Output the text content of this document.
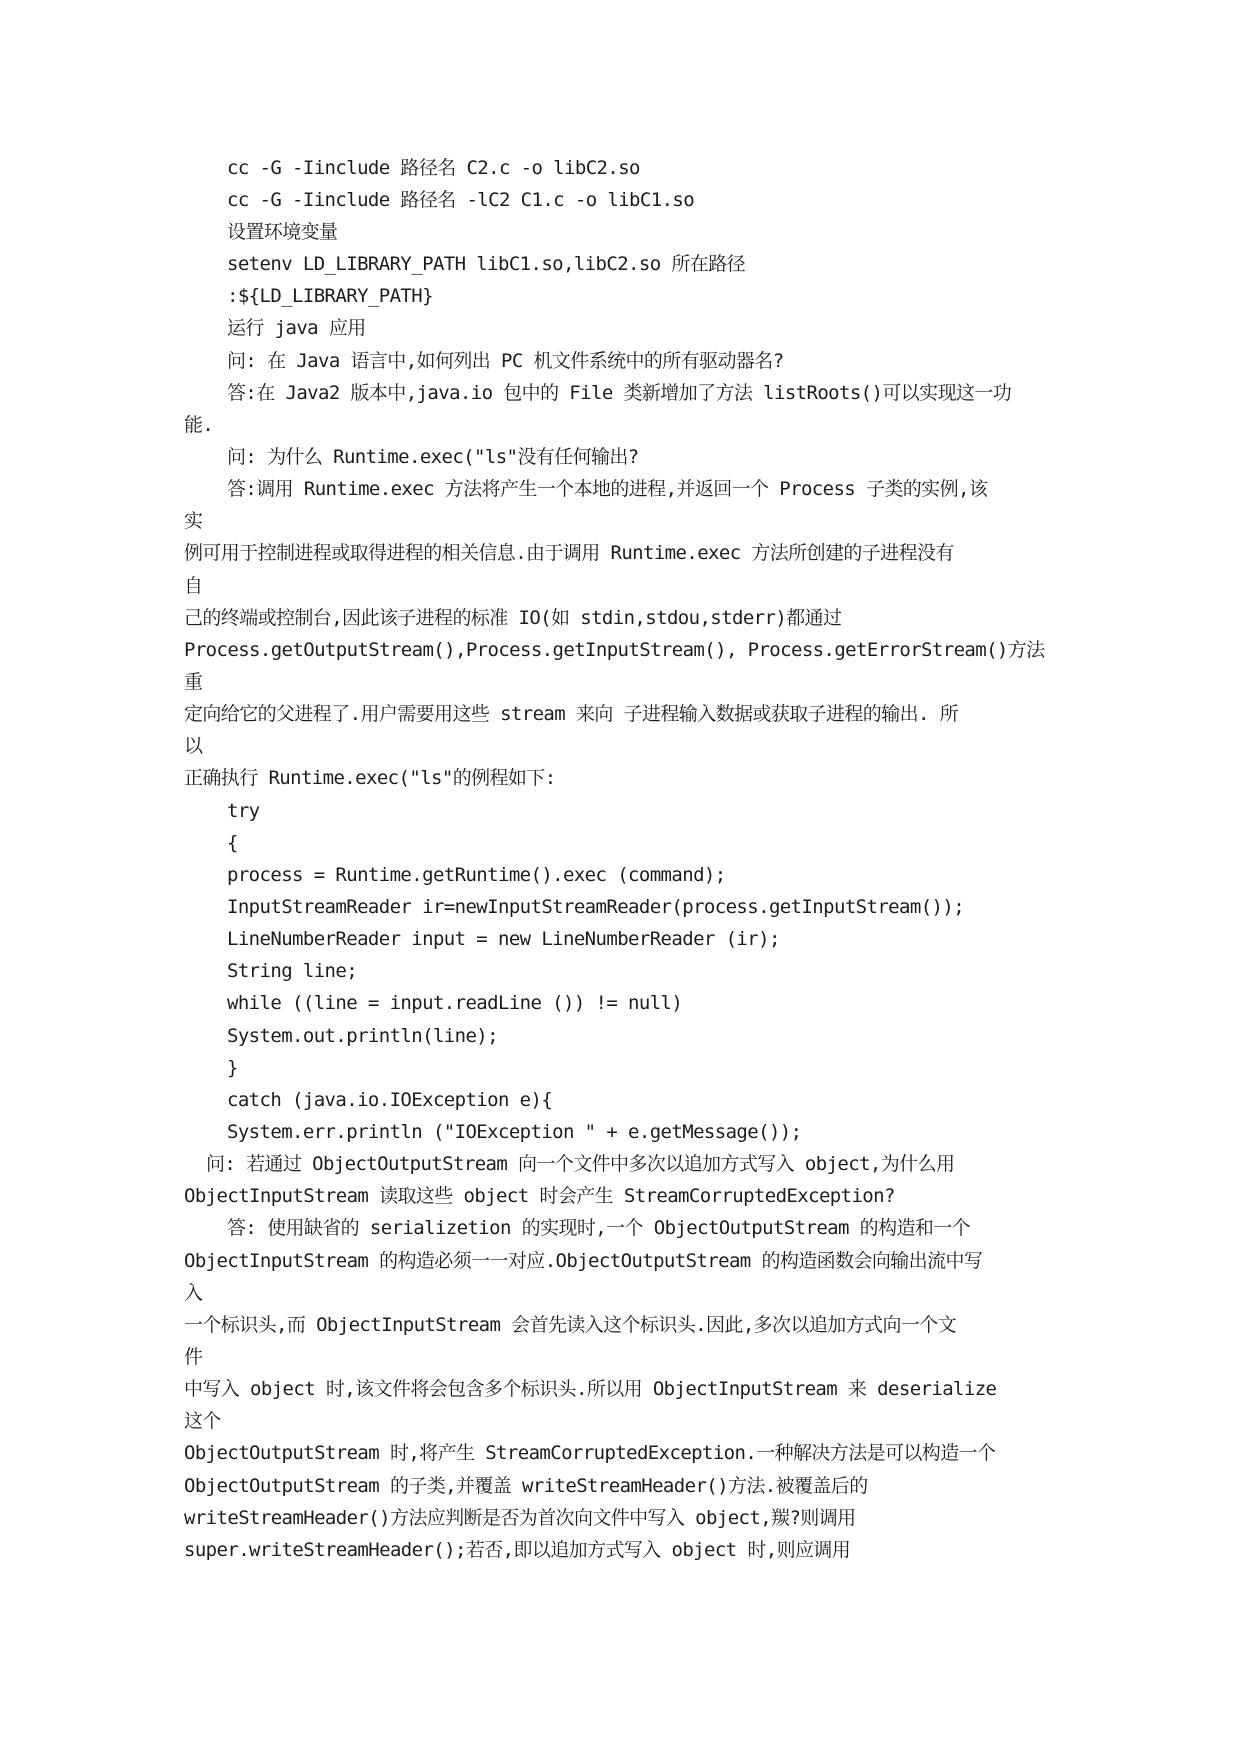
cc -G -Iinclude 路径名 C2.c -o libC2.so
cc -G -Iinclude 路径名 -lC2 C1.c -o libC1.so
设置环境变量
setenv LD_LIBRARY_PATH libC1.so,libC2.so 所在路径
:${LD_LIBRARY_PATH}
运行 java 应用
问: 在 Java 语言中,如何列出 PC 机文件系统中的所有驱动器名?
答:在 Java2 版本中,java.io 包中的 File 类新增加了方法 listRoots()可以实现这一功
能.
问: 为什么 Runtime.exec("ls"没有任何输出?
答:调用 Runtime.exec 方法将产生一个本地的进程,并返回一个 Process 子类的实例,该
实
例可用于控制进程或取得进程的相关信息.由于调用 Runtime.exec 方法所创建的子进程没有
自
己的终端或控制台,因此该子进程的标准 IO(如 stdin,stdou,stderr)都通过
Process.getOutputStream(),Process.getInputStream(), Process.getErrorStream()方法
重
定向给它的父进程了.用户需要用这些 stream 来向 子进程输入数据或获取子进程的输出. 所
以
正确执行 Runtime.exec("ls"的例程如下:
try
{
process = Runtime.getRuntime().exec (command);
InputStreamReader ir=newInputStreamReader(process.getInputStream());
LineNumberReader input = new LineNumberReader (ir);
String line;
while ((line = input.readLine ()) != null)
System.out.println(line);
}
catch (java.io.IOException e){
System.err.println ("IOException " + e.getMessage());
问: 若通过 ObjectOutputStream 向一个文件中多次以追加方式写入 object,为什么用
ObjectInputStream 读取这些 object 时会产生 StreamCorruptedException?
答: 使用缺省的 serializetion 的实现时,一个 ObjectOutputStream 的构造和一个
ObjectInputStream 的构造必须一一对应.ObjectOutputStream 的构造函数会向输出流中写
入
一个标识头,而 ObjectInputStream 会首先读入这个标识头.因此,多次以追加方式向一个文
件
中写入 object 时,该文件将会包含多个标识头.所以用 ObjectInputStream 来 deserialize
这个
ObjectOutputStream 时,将产生 StreamCorruptedException.一种解决方法是可以构造一个
ObjectOutputStream 的子类,并覆盖 writeStreamHeader()方法.被覆盖后的
writeStreamHeader()方法应判断是否为首次向文件中写入 object,羰?则调用
super.writeStreamHeader();若否,即以追加方式写入 object 时,则应调用
